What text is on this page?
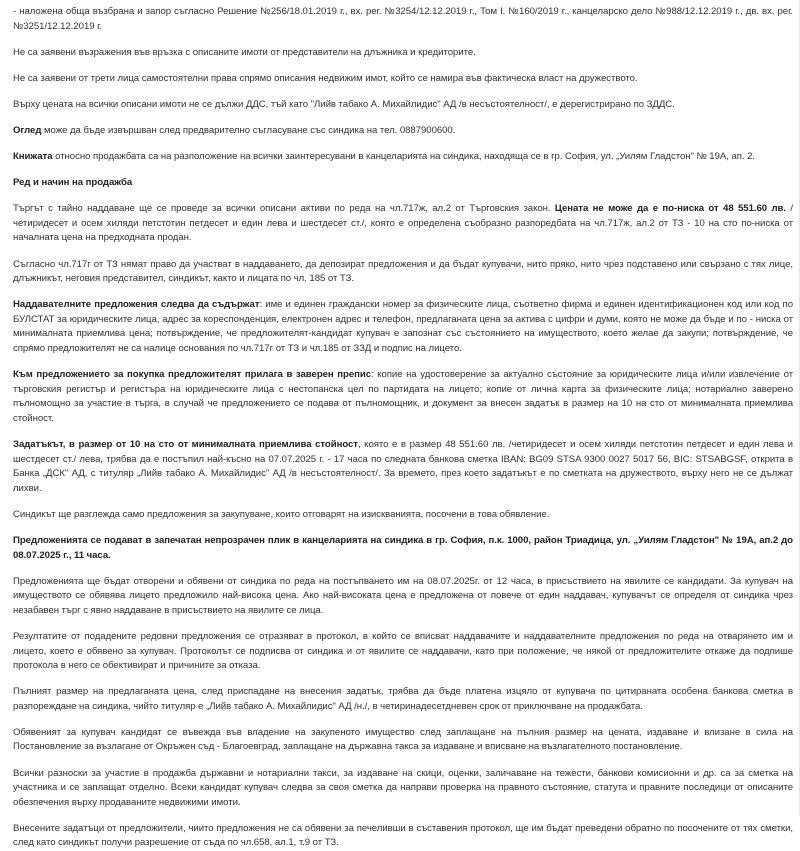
- наложена обща възбрана и запор съгласно Решение №256/18.01.2019 г., вх. рег. №3254/12.12.2019 г., Том I. №160/2019 г., канцеларско дело №988/12.12.2019 г., дв. вх. рег. №3251/12.12.2019 г.

Не са заявени възражения във връзка с описаните имоти от представители на длъжника и кредиторите.

Не са заявени от трети лица самостоятелни права спрямо описания недвижим имот, който се намира във фактическа власт на дружеството.

Върху цената на всички описани имоти не се дължи ДДС, тъй като "Лийв табако А. Михайлидис" АД /в несъстоятелност/, е дерегистрирано по ЗДДС.

Оглед може да бъде извършван след предварително съгласуване със синдика на тел. 0887900600.

Книжата относно продажбата са на разположение на всички заинтересувани в канцеларията на синдика, находяща се в гр. София, ул. „Уилям Гладстон" № 19А, ап. 2.

Ред и начин на продажба

Търгът с тайно наддаване ще се проведе за всички описани активи по реда на чл.717ж, ал.2 от Търговския закон. Цената не може да е по-ниска от 48 551.60 лв. / четиридесет и осем хиляди петстотин петдесет и един лева и шестдесет ст./, която е определена съобразно разпоредбата на чл.717ж, ал.2 от ТЗ - 10 на сто по-ниска от началната цена на предходната продан.

Съгласно чл.717г от ТЗ нямат право да участват в наддаването, да депозират предложения и да бъдат купувачи, нито пряко, нито чрез подставено или свързано с тях лице, длъжникът, неговия представител, синдикът, както и лицата по чл. 185 от ТЗ.

Наддавателните предложения следва да съдържат: име и единен граждански номер за физическите лица, съответно фирма и единен идентификационен код или код по БУЛСТАТ за юридическите лица, адрес за кореспонденция, електронен адрес и телефон, предлаганата цена за актива с цифри и думи, която не може да бъде и по - ниска от минималната приемлива цена; потвърждение, че предложителят-кандидат купувач е запознат със състоянието на имуществото, което желае да закупи; потвърждение, че спрямо предложителят не са налице основания по чл.717г от ТЗ и чл.185 от ЗЗД и подпис на лицето.

Към предложението за покупка предложителят прилага в заверен препис: копие на удостоверение за актуално състояние за юридическите лица и/или извлечение от търговския регистър и регистъра на юридическите лица с нестопанска цел по партидата на лицето; копие от лична карта за физическите лица; нотариално заверено пълномощно за участие в търга, в случай че предложението се подава от пълномощник, и документ за внесен задатък в размер на 10 на сто от минималната приемлива стойност.

Задатъкът, в размер от 10 на сто от минималната приемлива стойност, която е в размер 48 551.60 лв. /четиридесет и осем хиляди петстотин петдесет и един лева и шестдесет ст./ лева, трябва да е постъпил най-късно на 07.07.2025 г. - 17 часа по следната банкова сметка IBAN: BG09 STSA 9300 0027 5017 56, BIC: STSABGSF, открита в Банка „ДСК" АД, с титуляр „Лийв табако А. Михайлидис" АД /в несъстоятелност/. За времето, през което задатъкът е по сметката на дружеството, върху него не се дължат лихви.

Синдикът ще разглежда само предложения за закупуване, които отговарят на изискванията, посочени в това обявление.

Предложенията се подават в запечатан непрозрачен плик в канцеларията на синдика в гр. София, п.к. 1000, район Триадица, ул. „Уилям Гладстон" № 19А, ап.2 до 08.07.2025 г., 11 часа.

Предложенията ще бъдат отворени и обявени от синдика по реда на постъпването им на 08.07.2025г. от 12 часа, в присъствието на явилите се кандидати. За купувач на имуществото се обявява лицето предложило най-висока цена. Ако най-високата цена е предложена от повече от един наддавач, купувачът се определя от синдика чрез незабавен търг с явно наддаване в присъствието на явилите се лица.

Резултатите от подадените редовни предложения се отразяват в протокол, в който се вписват наддавачите и наддавателните предложения по реда на отварянето им и лицето, което е обявено за купувач. Протоколът се подписва от синдика и от явилите се наддавачи, като при положение, че някой от предложителите откаже да подпише протокола в него се обективират и причините за отказа.

Пълният размер на предлаганата цена, след приспадане на внесения задатък, трябва да бъде платена изцяло от купувача по цитираната особена банкова сметка в разпореждане на синдика, чийто титуляр е „Лийв табако А. Михайлидис" АД /н./, в четиринадесетдневен срок от приключване на продажбата.

Обявеният за купувач кандидат се въвежда във владение на закупеното имущество след заплащане на пълния размер на цената, издаване и влизане в сила на Постановление за възлагане от Окръжен съд - Благоевград, заплащане на държавна такса за издаване и вписване на възлагателното постановление.

Всички разноски за участие в продажба държавни и нотариални такси, за издаване на скици, оценки, заличаване на тежести, банкови комисионни и др. са за сметка на участника и се заплащат отделно. Всеки кандидат купувач следва за своя сметка да направи проверка на правното състояние, статута и правните последици от описаните обезпечения върху продаваните недвижими имоти.

Внесените задатъци от предложители, чиито предложения не са обявени за печеливши в съставения протокол, ще им бъдат преведени обратно по посочените от тях сметки, след като синдикът получи разрешение от съда по чл.658, ал.1, т.9 от ТЗ.
